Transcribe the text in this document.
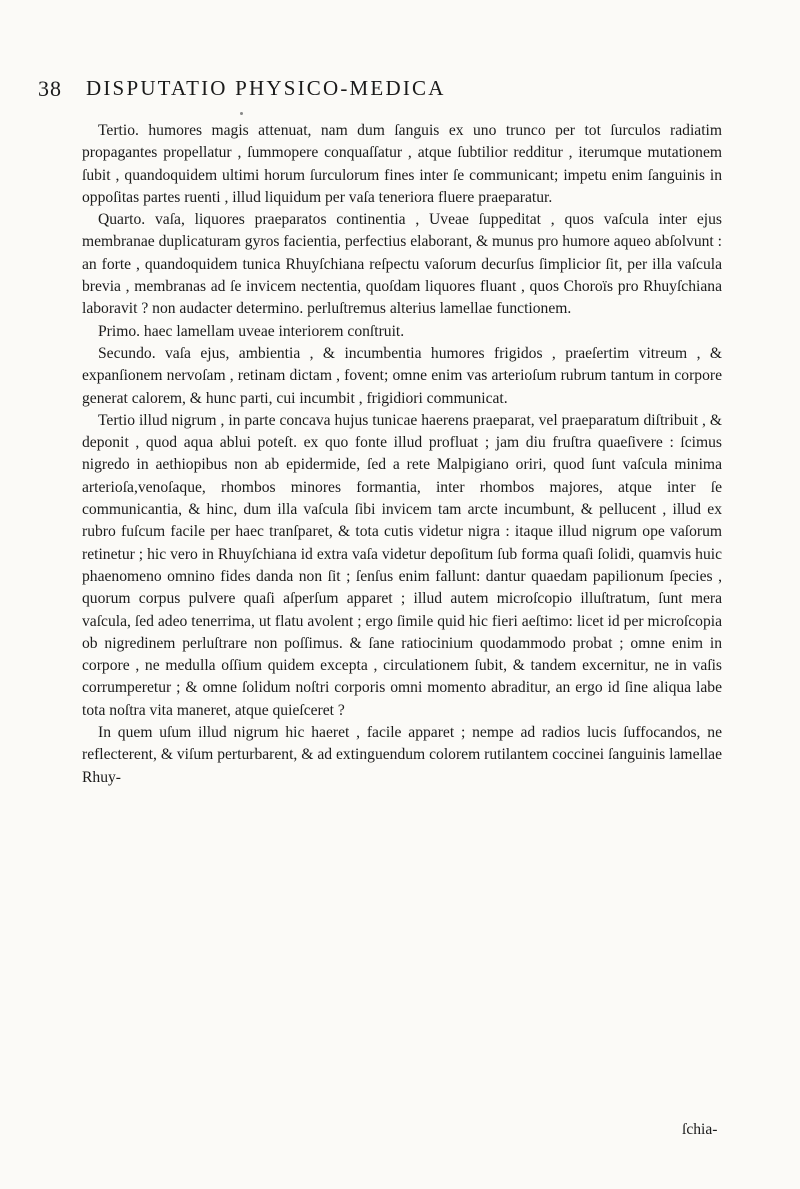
38 DISPUTATIO PHYSICO-MEDICA

Tertio. humores magis attenuat, nam dum ſanguis ex uno trunco per tot ſurculos radiatim propagantes propellatur , ſummopere conquaſſatur , atque ſubtilior redditur , iterumque mutationem ſubit , quandoquidem ultimi horum ſurculorum fines inter ſe communicant; impetu enim ſanguinis in oppoſitas partes ruenti , illud liquidum per vaſa teneriora fluere praeparatur.

Quarto. vaſa, liquores praeparatos continentia , Uveae ſuppeditat , quos vaſcula inter ejus membranae duplicaturam gyros facientia, perfectius elaborant, & munus pro humore aqueo abſolvunt : an forte , quandoquidem tunica Rhuyſchiana reſpectu vaſorum decurſus ſimplicior ſit, per illa vaſcula brevia , membranas ad ſe invicem nectentia, quoſdam liquores fluant , quos Choroïs pro Rhuyſchiana laboravit ? non audacter determino. perluſtremus alterius lamellae functionem.

Primo. haec lamellam uveae interiorem conſtruit.

Secundo. vaſa ejus, ambientia , & incumbentia humores frigidos , praeſertim vitreum , & expanſionem nervoſam , retinam dictam , fovent; omne enim vas arterioſum rubrum tantum in corpore generat calorem, & hunc parti, cui incumbit , frigidiori communicat.

Tertio illud nigrum , in parte concava hujus tunicae haerens praeparat, vel praeparatum diſtribuit , & deponit , quod aqua ablui poteſt. ex quo fonte illud profluat ; jam diu fruſtra quaeſivere : ſcimus nigredo in aethiopibus non ab epidermide, ſed a rete Malpigiano oriri, quod ſunt vaſcula minima arterioſa,venoſaque, rhombos minores formantia, inter rhombos majores, atque inter ſe communicantia, & hinc, dum illa vaſcula ſibi invicem tam arcte incumbunt, & pellucent , illud ex rubro fuſcum facile per haec tranſparet, & tota cutis videtur nigra : itaque illud nigrum ope vaſorum retinetur ; hic vero in Rhuyſchiana id extra vaſa videtur depoſitum ſub forma quaſi ſolidi, quamvis huic phaenomeno omnino fides danda non ſit ; ſenſus enim fallunt: dantur quaedam papilionum ſpecies , quorum corpus pulvere quaſi aſperſum apparet ; illud autem microſcopio illuſtratum, ſunt mera vaſcula, ſed adeo tenerrima, ut flatu avolent ; ergo ſimile quid hic fieri aeſtimo: licet id per microſcopia ob nigredinem perluſtrare non poſſimus. & ſane ratiocinium quodammodo probat ; omne enim in corpore , ne medulla oſſium quidem excepta , circulationem ſubit, & tandem excernitur, ne in vaſis corrumperetur ; & omne ſolidum noſtri corporis omni momento abraditur, an ergo id ſine aliqua labe tota noſtra vita maneret, atque quieſceret ?

In quem uſum illud nigrum hic haeret , facile apparet ; nempe ad radios lucis ſuffocandos, ne reflecterent, & viſum perturbarent, & ad extinguendum colorem rutilantem coccinei ſanguinis lamellae Rhuy-

ſchia-
